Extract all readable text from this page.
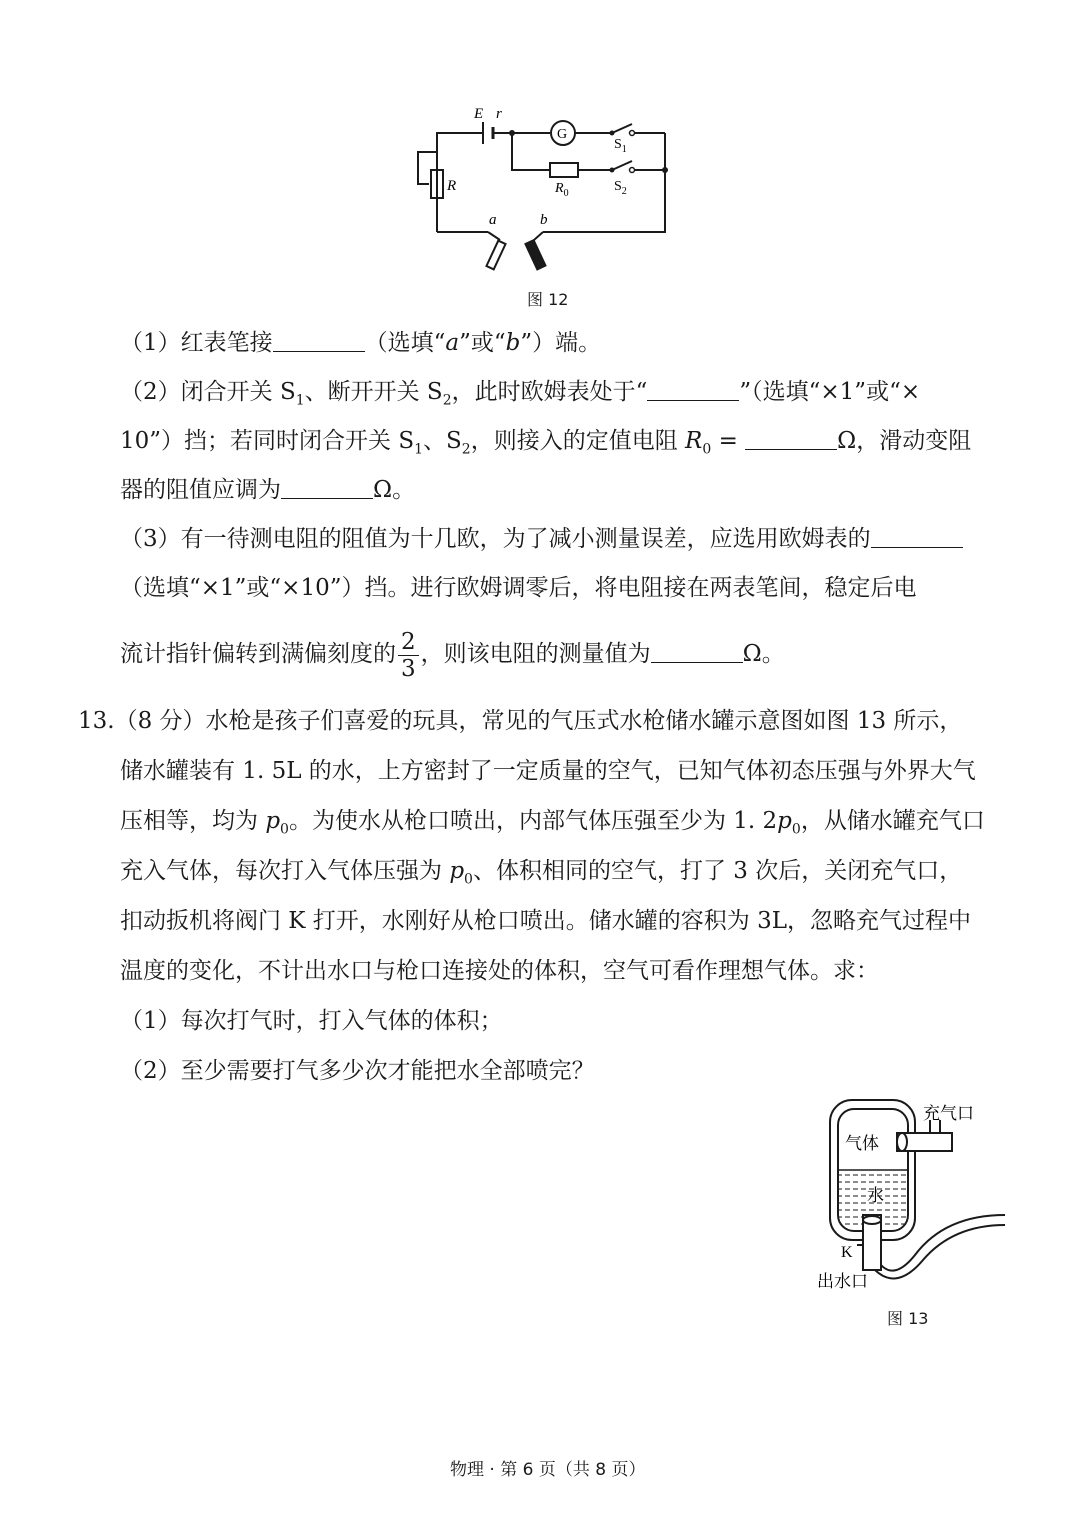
E r
G
$S_1$
$R_0$	$S_2$
R
a	b
图 12
（1）红表笔接	（选填“a”或“b”）端。
（2）闭合开关 $S_1$、断开开关 $S_2$，此时欧姆表处于“	”（选填“×1”或“×
10”）挡；若同时闭合开关 $S_1$、$S_2$，则接入的定值电阻 $R_0$ =	Ω，滑动变阻
器的阻值应调为	Ω。
（3）有一待测电阻的阻值为十几欧，为了减小测量误差，应选用欧姆表的
（选填“×1”或“×10”）挡。进行欧姆调零后，将电阻接在两表笔间，稳定后电
流计指针偏转到满偏刻度的 $\frac{2}{3}$ ，则该电阻的测量值为	Ω。
13.（8 分）水枪是孩子们喜爱的玩具，常见的气压式水枪储水罐示意图如图 13 所示，
储水罐装有 1. 5L 的水，上方密封了一定质量的空气，已知气体初态压强与外界大气
压相等，均为 $p_0$。为使水从枪口喷出，内部气体压强至少为 1. $2p_0$，从储水罐充气口
充入气体，每次打入气体压强为 $p_0$、体积相同的空气，打了 3 次后，关闭充气口，
扣动扳机将阀门 K 打开，水刚好从枪口喷出。储水罐的容积为 3L，忽略充气过程中
温度的变化，不计出水口与枪口连接处的体积，空气可看作理想气体。求：
（1）每次打气时，打入气体的体积；
（2）至少需要打气多少次才能把水全部喷完？
充气口
气体
水
K
出水口
图 13
物理 · 第 6 页（共 8 页）
